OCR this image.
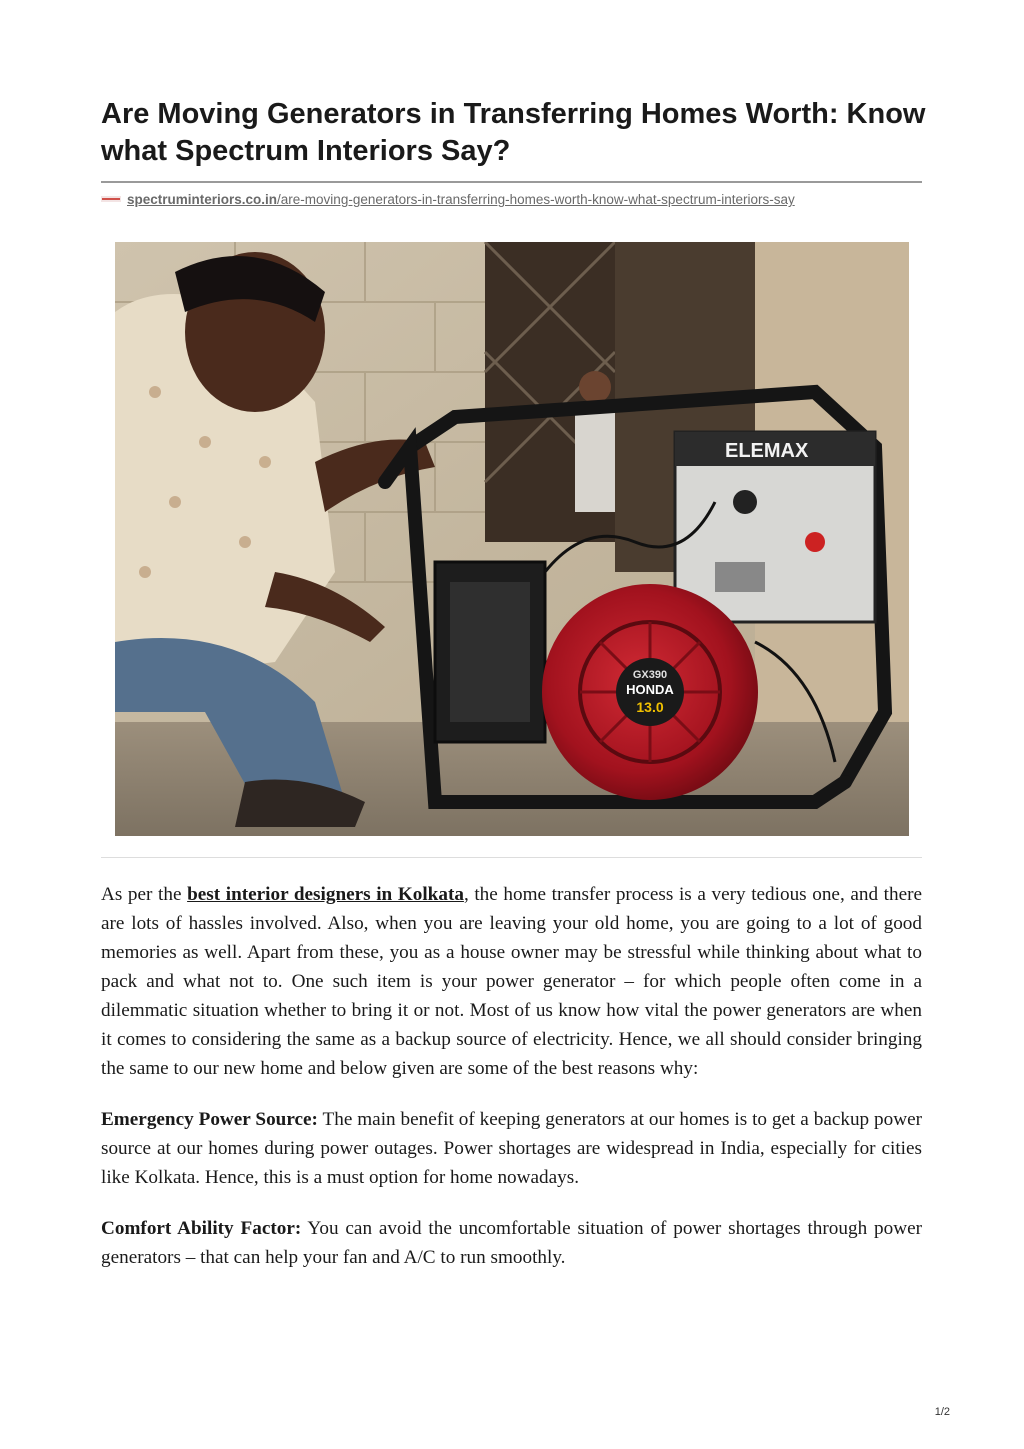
Are Moving Generators in Transferring Homes Worth: Know what Spectrum Interiors Say?
spectruminteriors.co.in/are-moving-generators-in-transferring-homes-worth-know-what-spectrum-interiors-say
ELEMAX
GX390
HONDA
13.0

As per the best interior designers in Kolkata, the home transfer process is a very tedious one, and there are lots of hassles involved. Also, when you are leaving your old home, you are going to a lot of good memories as well. Apart from these, you as a house owner may be stressful while thinking about what to pack and what not to. One such item is your power generator – for which people often come in a dilemmatic situation whether to bring it or not. Most of us know how vital the power generators are when it comes to considering the same as a backup source of electricity. Hence, we all should consider bringing the same to our new home and below given are some of the best reasons why:

Emergency Power Source: The main benefit of keeping generators at our homes is to get a backup power source at our homes during power outages. Power shortages are widespread in India, especially for cities like Kolkata. Hence, this is a must option for home nowadays.

Comfort Ability Factor: You can avoid the uncomfortable situation of power shortages through power generators – that can help your fan and A/C to run smoothly.

1/2
